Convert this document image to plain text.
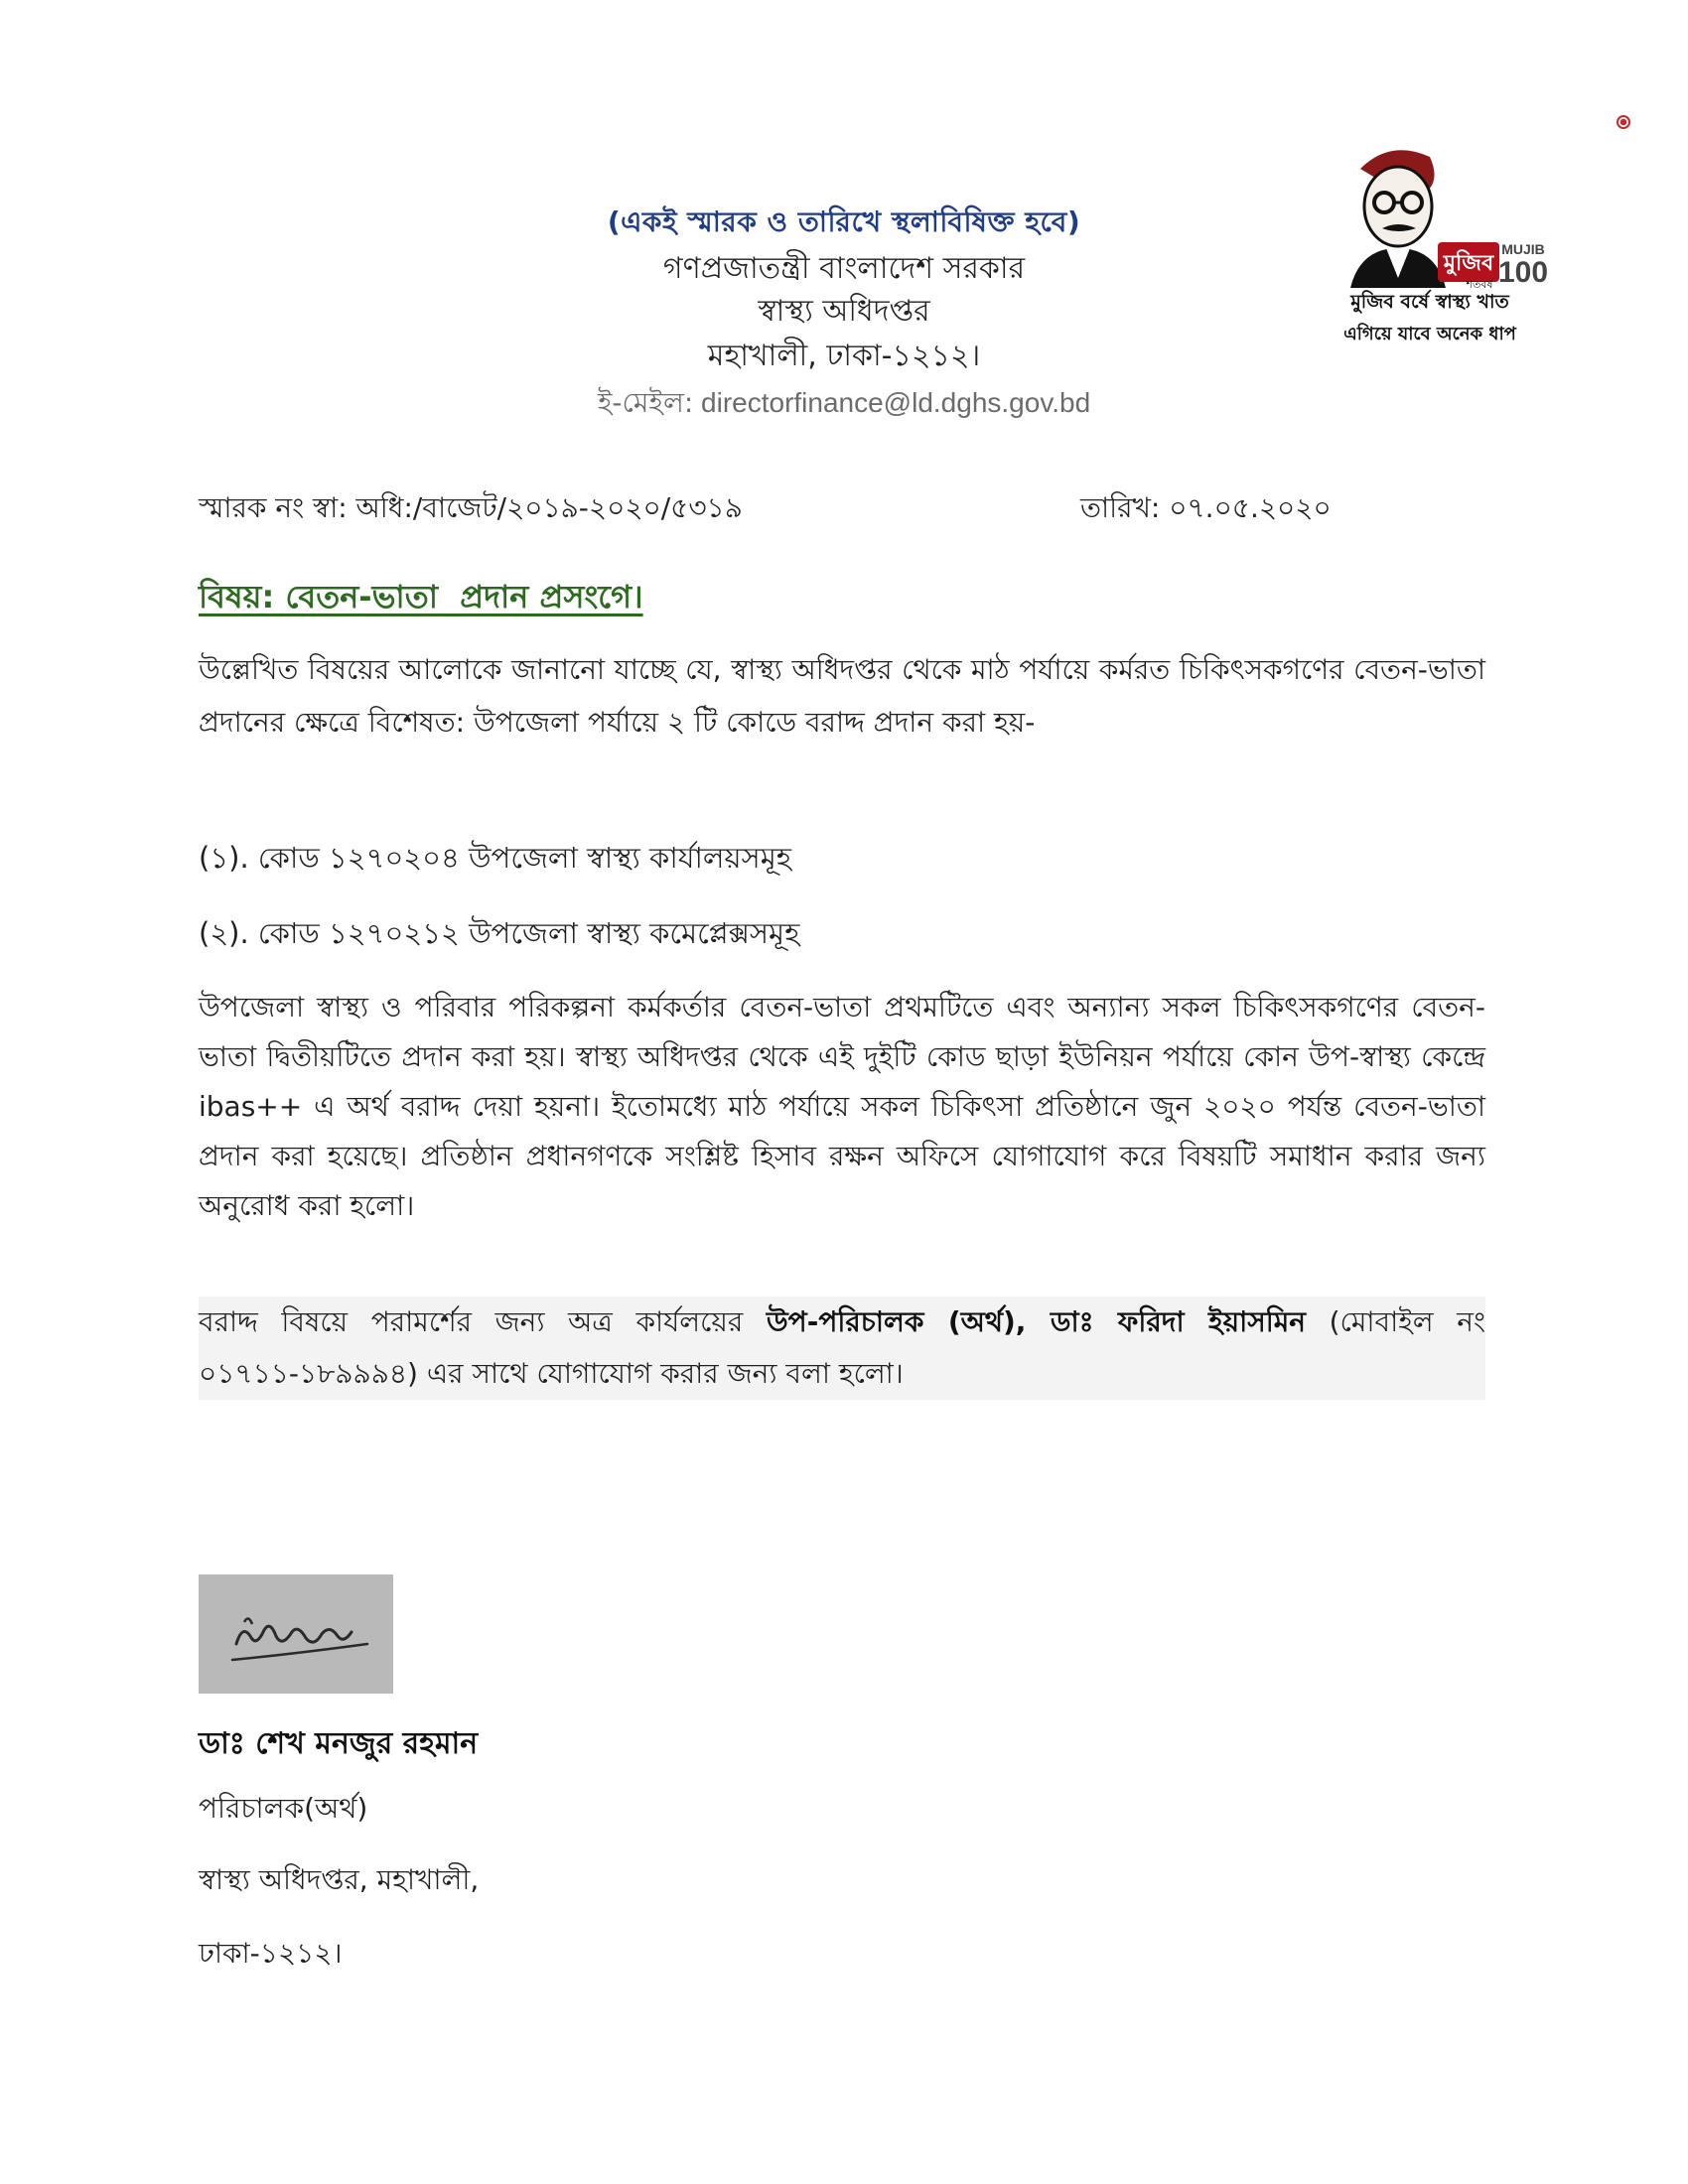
মুজিব
MUJIB
100
শতবর্ষ
মুজিব বর্ষে স্বাস্থ্য খাত
এগিয়ে যাবে অনেক ধাপ
(একই স্মারক ও তারিখে স্থলাবিষিক্ত হবে)
গণপ্রজাতন্ত্রী বাংলাদেশ সরকার
স্বাস্থ্য অধিদপ্তর
মহাখালী, ঢাকা-১২১২।
ই-মেইল: directorfinance@ld.dghs.gov.bd
স্মারক নং স্বা: অধি:/বাজেট/২০১৯-২০২০/৫৩১৯	তারিখ: ০৭.০৫.২০২০
বিষয়: বেতন-ভাতা  প্রদান প্রসংগে।
উল্লেখিত বিষয়ের আলোকে জানানো যাচ্ছে যে, স্বাস্থ্য অধিদপ্তর থেকে মাঠ পর্যায়ে কর্মরত চিকিৎসকগণের বেতন-ভাতা প্রদানের ক্ষেত্রে বিশেষত: উপজেলা পর্যায়ে ২ টি কোডে বরাদ্দ প্রদান করা হয়-
(১). কোড ১২৭০২০৪ উপজেলা স্বাস্থ্য কার্যালয়সমূহ
(২). কোড ১২৭০২১২ উপজেলা স্বাস্থ্য কমেপ্লেক্সসমূহ
উপজেলা স্বাস্থ্য ও পরিবার পরিকল্পনা কর্মকর্তার বেতন-ভাতা প্রথমটিতে এবং অন্যান্য সকল চিকিৎসকগণের বেতন-ভাতা দ্বিতীয়টিতে প্রদান করা হয়। স্বাস্থ্য অধিদপ্তর থেকে এই দুইটি কোড ছাড়া ইউনিয়ন পর্যায়ে কোন উপ-স্বাস্থ্য কেন্দ্রে ibas++ এ অর্থ বরাদ্দ দেয়া হয়না। ইতোমধ্যে মাঠ পর্যায়ে সকল চিকিৎসা প্রতিষ্ঠানে জুন ২০২০ পর্যন্ত বেতন-ভাতা প্রদান করা হয়েছে। প্রতিষ্ঠান প্রধানগণকে সংশ্লিষ্ট হিসাব রক্ষন অফিসে যোগাযোগ করে বিষয়টি সমাধান করার জন্য অনুরোধ করা হলো।
বরাদ্দ বিষয়ে পরামর্শের জন্য অত্র কার্যলয়ের উপ-পরিচালক (অর্থ), ডাঃ ফরিদা ইয়াসমিন (মোবাইল নং ০১৭১১-১৮৯৯৯৪) এর সাথে যোগাযোগ করার জন্য বলা হলো।
ডাঃ শেখ মনজুর রহমান
পরিচালক(অর্থ)
স্বাস্থ্য অধিদপ্তর, মহাখালী,
ঢাকা-১২১২।
